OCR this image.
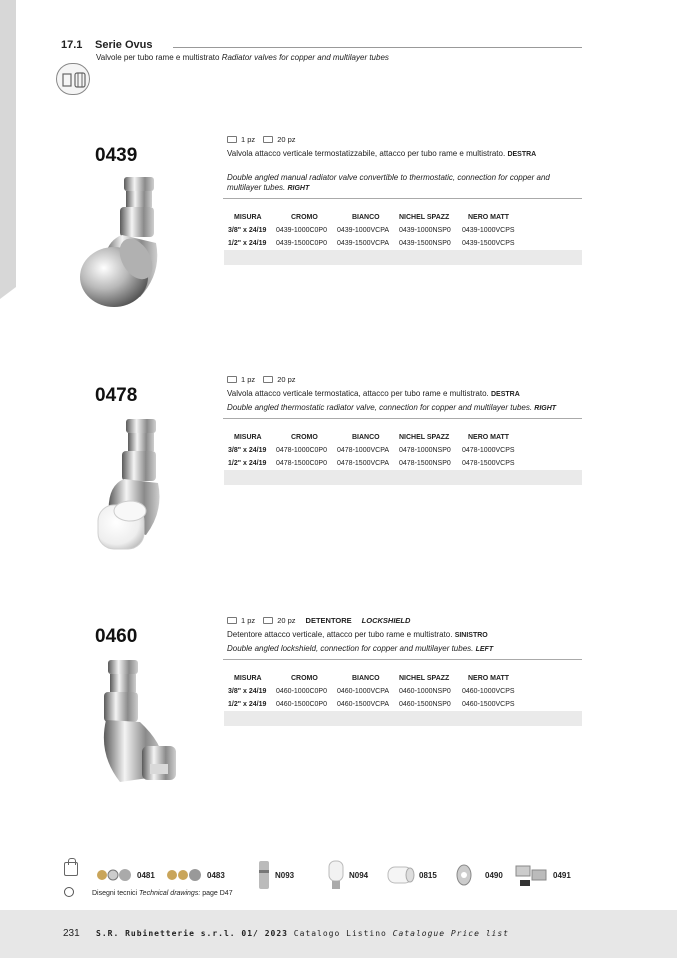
17.1 Serie Ovus
Valvole per tubo rame e multistrato Radiator valves for copper and multilayer tubes
0439
1 pz	20 pz
Valvola attacco verticale termostatizzabile, attacco per tubo rame e multistrato. DESTRA
Double angled manual radiator valve convertible to thermostatic, connection for copper and multilayer tubes. RIGHT
MISURA	CROMO	BIANCO	NICHEL SPAZZ	NERO MATT	
3/8" x 24/19	0439-1000C0P0	0439-1000VCPA	0439-1000NSP0	0439-1000VCPS	
1/2" x 24/19	0439-1500C0P0	0439-1500VCPA	0439-1500NSP0	0439-1500VCPS	

0478
1 pz	20 pz
Valvola attacco verticale termostatica, attacco per tubo rame e multistrato. DESTRA
Double angled thermostatic radiator valve, connection for copper and multilayer tubes. RIGHT
MISURA	CROMO	BIANCO	NICHEL SPAZZ	NERO MATT	
3/8" x 24/19	0478-1000C0P0	0478-1000VCPA	0478-1000NSP0	0478-1000VCPS	
1/2" x 24/19	0478-1500C0P0	0478-1500VCPA	0478-1500NSP0	0478-1500VCPS	

0460
1 pz	20 pz DETENTORE LOCKSHIELD
Detentore attacco verticale, attacco per tubo rame e multistrato. SINISTRO
Double angled lockshield, connection for copper and multilayer tubes. LEFT
MISURA	CROMO	BIANCO	NICHEL SPAZZ	NERO MATT	
3/8" x 24/19	0460-1000C0P0	0460-1000VCPA	0460-1000NSP0	0460-1000VCPS	
1/2" x 24/19	0460-1500C0P0	0460-1500VCPA	0460-1500NSP0	0460-1500VCPS	

0481	0483	N093	N094	0815	0490	0491
Disegni tecnici Technical drawings: page D47
231 S.R. Rubinetterie s.r.l. 01/ 2023 Catalogo Listino Catalogue Price list
